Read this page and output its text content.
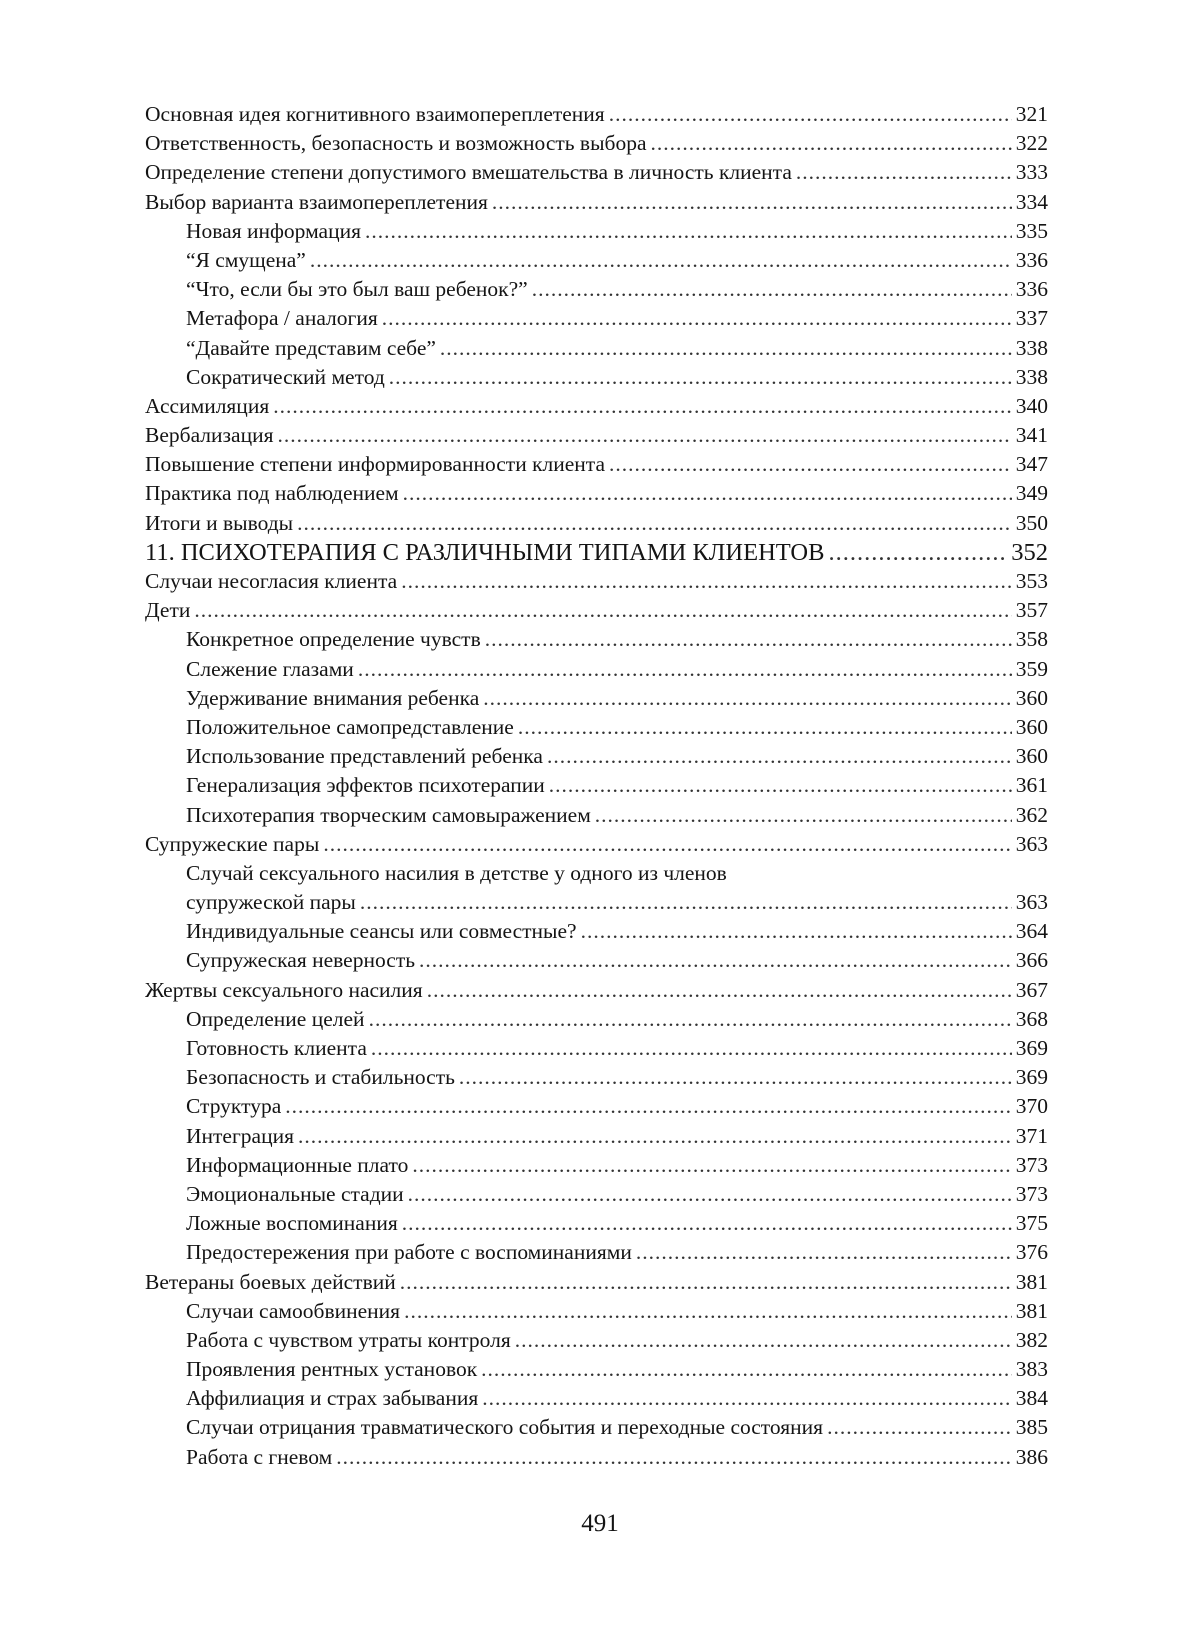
Основная идея когнитивного взаимопереплетения .....	321
Ответственность, безопасность и возможность выбора .....	322
Определение степени допустимого вмешательства в личность клиента .....	333
Выбор варианта взаимопереплетения .....	334
Новая информация .....	335
“Я смущена” .....	336
“Что, если бы это был ваш ребенок?” .....	336
Метафора / аналогия .....	337
“Давайте представим себе” .....	338
Сократический метод .....	338
Ассимиляция .....	340
Вербализация .....	341
Повышение степени информированности клиента .....	347
Практика под наблюдением .....	349
Итоги и выводы .....	350
11. ПСИХОТЕРАПИЯ С РАЗЛИЧНЫМИ ТИПАМИ КЛИЕНТОВ .....	352
Случаи несогласия клиента .....	353
Дети .....	357
Конкретное определение чувств .....	358
Слежение глазами .....	359
Удерживание внимания ребенка .....	360
Положительное самопредставление .....	360
Использование представлений ребенка .....	360
Генерализация эффектов психотерапии .....	361
Психотерапия творческим самовыражением .....	362
Супружеские пары .....	363
Случай сексуального насилия в детстве у одного из членов
супружеской пары .....	363
Индивидуальные сеансы или совместные? .....	364
Супружеская неверность .....	366
Жертвы сексуального насилия .....	367
Определение целей .....	368
Готовность клиента .....	369
Безопасность и стабильность .....	369
Структура .....	370
Интеграция .....	371
Информационные плато .....	373
Эмоциональные стадии .....	373
Ложные воспоминания .....	375
Предостережения при работе с воспоминаниями .....	376
Ветераны боевых действий .....	381
Случаи самообвинения .....	381
Работа с чувством утраты контроля .....	382
Проявления рентных установок .....	383
Аффилиация и страх забывания .....	384
Случаи отрицания травматического события и переходные состояния .....	385
Работа с гневом .....	386
491
